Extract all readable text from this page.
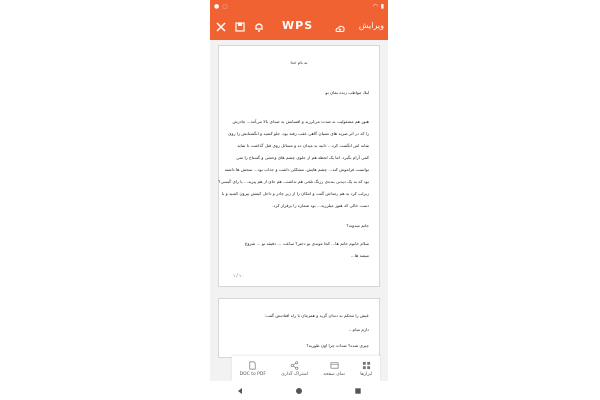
● ◌	◠ ▮
WPS	ویرایش
به نام خدا
لیلا، مواظب زنده بمان تو
هنوز هم مشغولیت به شدت می‌لرزید و افسانش به صدای بالا می‌آمد... چادرش
را که در اثر ضربه های تشیان گاهی عقب رفته بود، جلو کشید و انگشتانش را روی
شانه اش انگشت کرد... دانیه به میدان ده و مسائل روی قبل گذاشت تا شاید
کمی آرام بگیرد. اما یک لحظه هم از جلوی چشم های وحشی و گستاخ را نمی
توانست فراموش کند... چشم هایش، مشکلی داشت و جذاب بود... سجش ها داشته
بود که به یک دیدنی بنده‌ی زرنگ تلخی هم نداشت. هم جای از هم پیرید... با رای گیسی؟
زیرلب کرد به هم زمه‌اش گفت و امکان را از زیر چادر و داخل کیفش بیرون کشید و با
دست خالی که هنوز میلرزید... بود شماره را برقرار کرد.
جانم میدونه؟
سلام خانوم جانم ها... کجا موندی تو دختر؟ ساعت ... دقیقه تو ... شروع
میشه ها...
۱ / ۱۰
عیش را محکم به دندان گزید و همزمان با راه افتادنش گفت:
دارم میام...
چیزی شده؟ صدات چرا اون طوریه؟
DOC to PDF	اشتراک گذاری	نمای صفحه	ابزارها
